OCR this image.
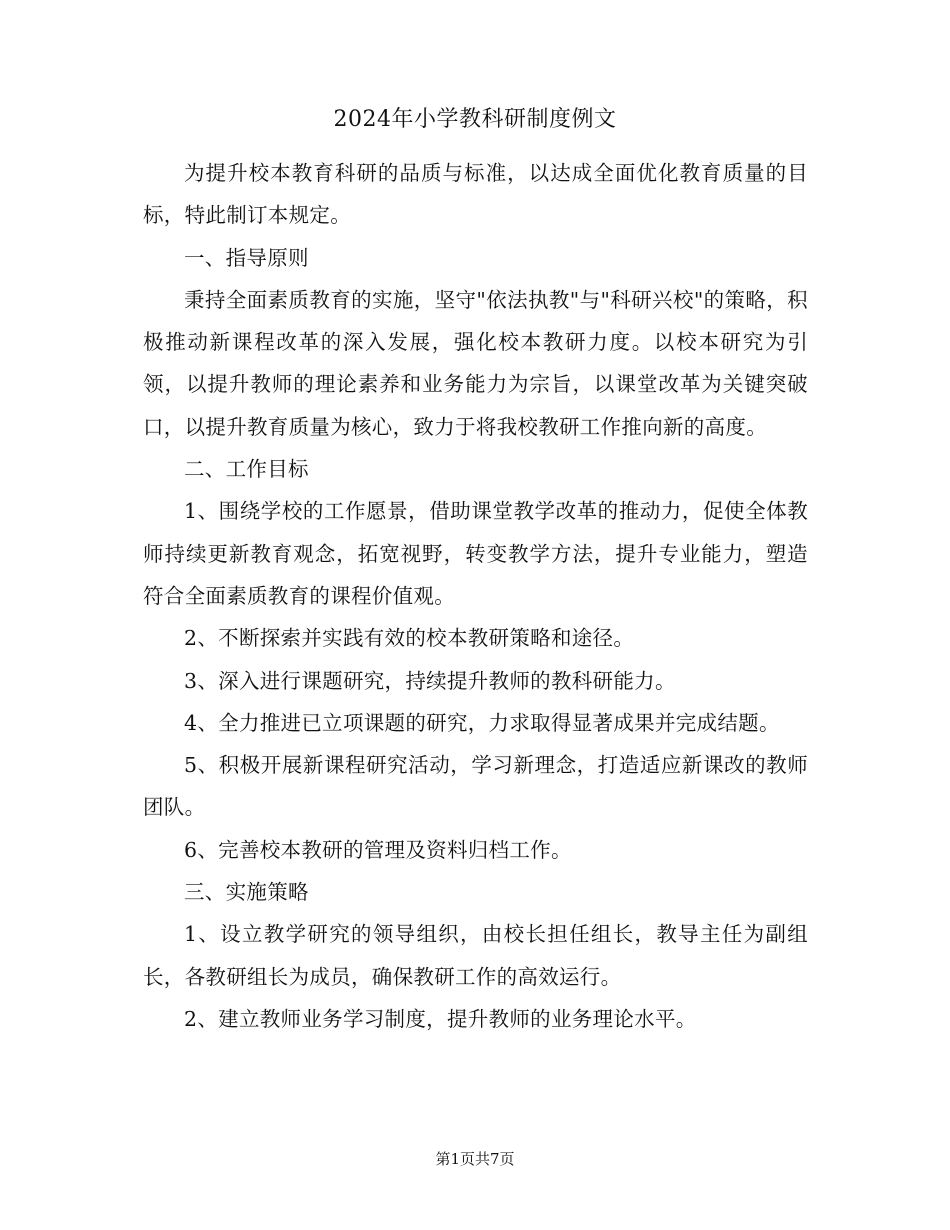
2024年小学教科研制度例文

为提升校本教育科研的品质与标准，以达成全面优化教育质量的目标，特此制订本规定。

一、指导原则

秉持全面素质教育的实施，坚守"依法执教"与"科研兴校"的策略，积极推动新课程改革的深入发展，强化校本教研力度。以校本研究为引领，以提升教师的理论素养和业务能力为宗旨，以课堂改革为关键突破口，以提升教育质量为核心，致力于将我校教研工作推向新的高度。

二、工作目标

1、围绕学校的工作愿景，借助课堂教学改革的推动力，促使全体教师持续更新教育观念，拓宽视野，转变教学方法，提升专业能力，塑造符合全面素质教育的课程价值观。

2、不断探索并实践有效的校本教研策略和途径。

3、深入进行课题研究，持续提升教师的教科研能力。

4、全力推进已立项课题的研究，力求取得显著成果并完成结题。

5、积极开展新课程研究活动，学习新理念，打造适应新课改的教师团队。

6、完善校本教研的管理及资料归档工作。

三、实施策略

1、设立教学研究的领导组织，由校长担任组长，教导主任为副组长，各教研组长为成员，确保教研工作的高效运行。

2、建立教师业务学习制度，提升教师的业务理论水平。

第1页共7页
